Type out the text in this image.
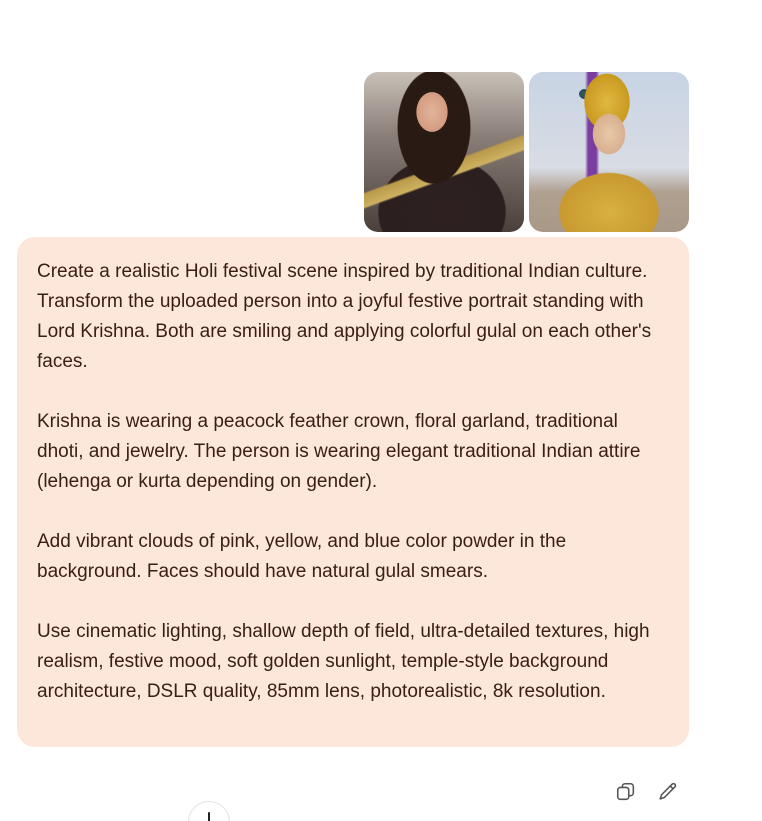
Create a realistic Holi festival scene inspired by traditional Indian culture. Transform the uploaded person into a joyful festive portrait standing with Lord Krishna. Both are smiling and applying colorful gulal on each other's faces.

Krishna is wearing a peacock feather crown, floral garland, traditional dhoti, and jewelry. The person is wearing elegant traditional Indian attire (lehenga or kurta depending on gender).

Add vibrant clouds of pink, yellow, and blue color powder in the background. Faces should have natural gulal smears.

Use cinematic lighting, shallow depth of field, ultra-detailed textures, high realism, festive mood, soft golden sunlight, temple-style background architecture, DSLR quality, 85mm lens, photorealistic, 8k resolution.
